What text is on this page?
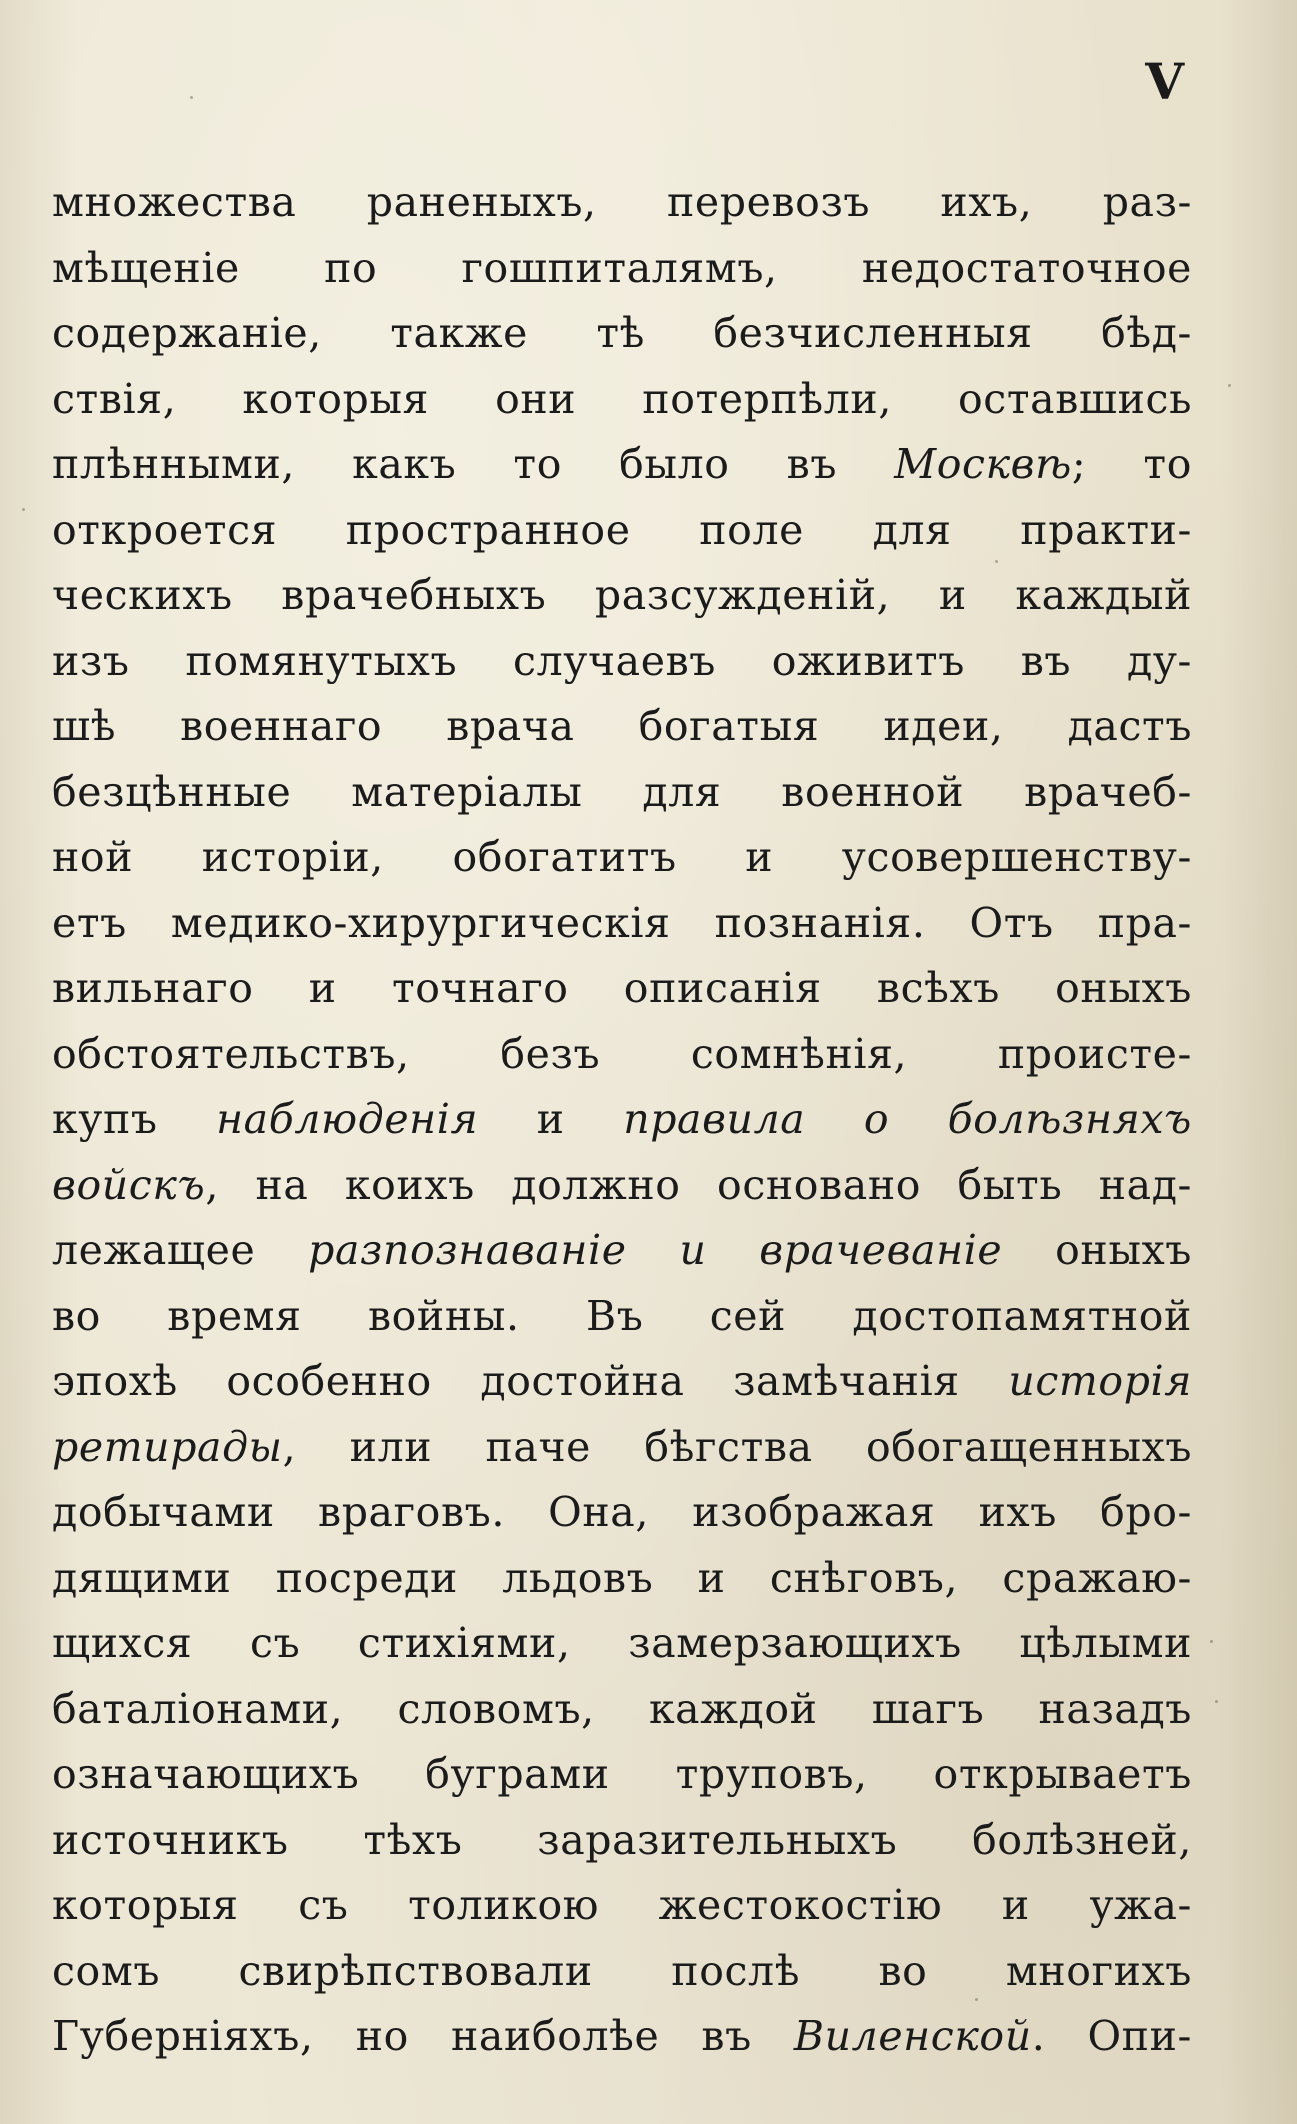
V
множества раненыхъ, перевозъ ихъ, раз-
мѣщеніе по гошпиталямъ, недостаточное
содержаніе, также тѣ безчисленныя бѣд-
ствія, которыя они потерпѣли, оставшись
плѣнными, какъ то было въ Москвѣ; то
откроется пространное поле для практи-
ческихъ врачебныхъ разсужденій, и каждый
изъ помянутыхъ случаевъ оживитъ въ ду-
шѣ военнаго врача богатыя идеи, дастъ
безцѣнные матеріалы для военной врачеб-
ной исторіи, обогатитъ и усовершенству-
етъ медико-хирургическія познанія. Отъ пра-
вильнаго и точнаго описанія всѣхъ оныхъ
обстоятельствъ, безъ сомнѣнія, происте-
купъ наблюденія и правила о болѣзняхъ
войскъ, на коихъ должно основано быть над-
лежащее разпознаваніе и врачеваніе оныхъ
во время войны. Въ сей достопамятной
эпохѣ особенно достойна замѣчанія исторія
ретирады, или паче бѣгства обогащенныхъ
добычами враговъ. Она, изображая ихъ бро-
дящими посреди льдовъ и снѣговъ, сражаю-
щихся съ стихіями, замерзающихъ цѣлыми
баталіонами, словомъ, каждой шагъ назадъ
означающихъ буграми труповъ, открываетъ
источникъ тѣхъ заразительныхъ болѣзней,
которыя съ толикою жестокостію и ужа-
сомъ свирѣпствовали послѣ во многихъ
Губерніяхъ, но наиболѣе въ Виленской. Опи-
